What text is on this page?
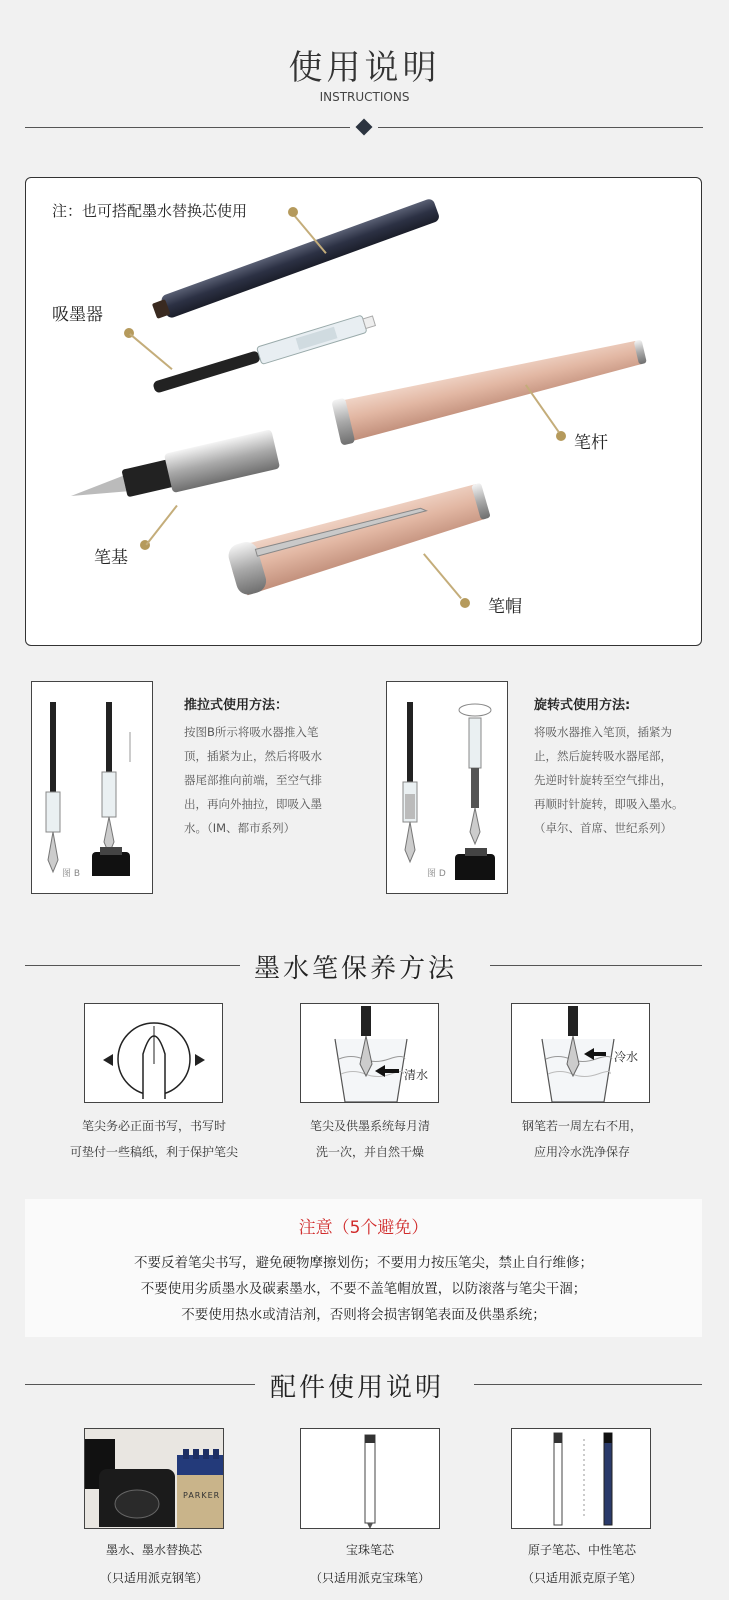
使用说明
INSTRUCTIONS
注：也可搭配墨水替换芯使用
吸墨器
笔杆
笔基
笔帽
图 B
推拉式使用方法：
按图B所示将吸水器推入笔
顶，插紧为止，然后将吸水
器尾部推向前端，至空气排
出，再向外抽拉，即吸入墨
水。（IM、都市系列）
图 D
旋转式使用方法:
将吸水器推入笔顶，插紧为
止，然后旋转吸水器尾部，
先逆时针旋转至空气排出，
再顺时针旋转，即吸入墨水。
（卓尔、首席、世纪系列）
墨水笔保养方法
笔尖务必正面书写，书写时
可垫付一些稿纸，利于保护笔尖
清水
笔尖及供墨系统每月清
洗一次，并自然干燥
冷水
钢笔若一周左右不用，
应用冷水洗净保存
注意（5个避免）
不要反着笔尖书写，避免硬物摩擦划伤；不要用力按压笔尖，禁止自行维修；
不要使用劣质墨水及碳素墨水，不要不盖笔帽放置，以防滚落与笔尖干涸；
不要使用热水或清洁剂，否则将会损害钢笔表面及供墨系统；
配件使用说明
PARKER
墨水、墨水替换芯
（只适用派克钢笔）
宝珠笔芯
（只适用派克宝珠笔）
原子笔芯、中性笔芯
（只适用派克原子笔）
